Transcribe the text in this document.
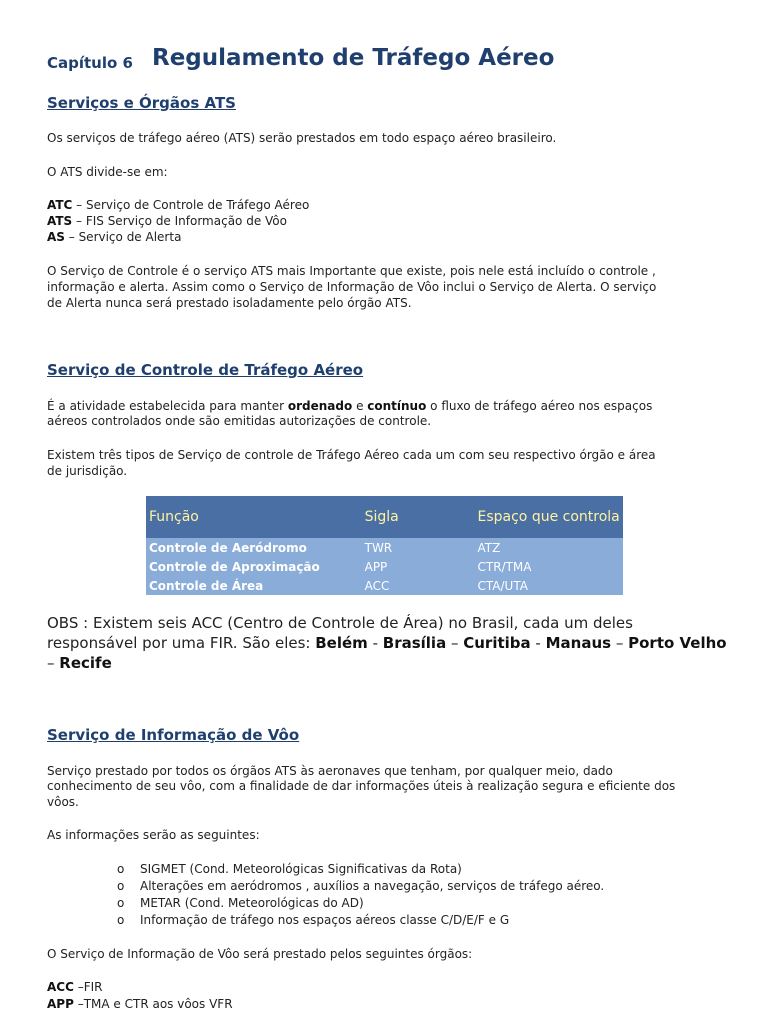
Capítulo 6 Regulamento de Tráfego Aéreo
Serviços e Órgãos ATS
Os serviços de tráfego aéreo (ATS) serão prestados em todo espaço aéreo brasileiro.
O ATS divide-se em:
ATC – Serviço de Controle de Tráfego Aéreo
ATS – FIS Serviço de Informação de Vôo
AS – Serviço de Alerta
O Serviço de Controle é o serviço ATS mais Importante que existe, pois nele está incluído o controle ,
informação e alerta. Assim como o Serviço de Informação de Vôo inclui o Serviço de Alerta. O serviço
de Alerta nunca será prestado isoladamente pelo órgão ATS.
Serviço de Controle de Tráfego Aéreo
É a atividade estabelecida para manter ordenado e contínuo o fluxo de tráfego aéreo nos espaços
aéreos controlados onde são emitidas autorizações de controle.
Existem três tipos de Serviço de controle de Tráfego Aéreo cada um com seu respectivo órgão e área
de jurisdição.
Função	Sigla	Espaço que controla
Controle de Aeródromo	TWR	ATZ
Controle de Aproximação	APP	CTR/TMA
Controle de Área	ACC	CTA/UTA
OBS : Existem seis ACC (Centro de Controle de Área) no Brasil, cada um deles responsável por uma FIR. São eles: Belém - Brasília – Curitiba - Manaus – Porto Velho – Recife
Serviço de Informação de Vôo
Serviço prestado por todos os órgãos ATS às aeronaves que tenham, por qualquer meio, dado
conhecimento de seu vôo, com a finalidade de dar informações úteis à realização segura e eficiente dos
vôos.
As informações serão as seguintes:
o SIGMET (Cond. Meteorológicas Significativas da Rota)
o Alterações em aeródromos , auxílios a navegação, serviços de tráfego aéreo.
o METAR (Cond. Meteorológicas do AD)
o Informação de tráfego nos espaços aéreos classe C/D/E/F e G
O Serviço de Informação de Vôo será prestado pelos seguintes órgãos:
ACC –FIR
APP –TMA e CTR aos vôos VFR
